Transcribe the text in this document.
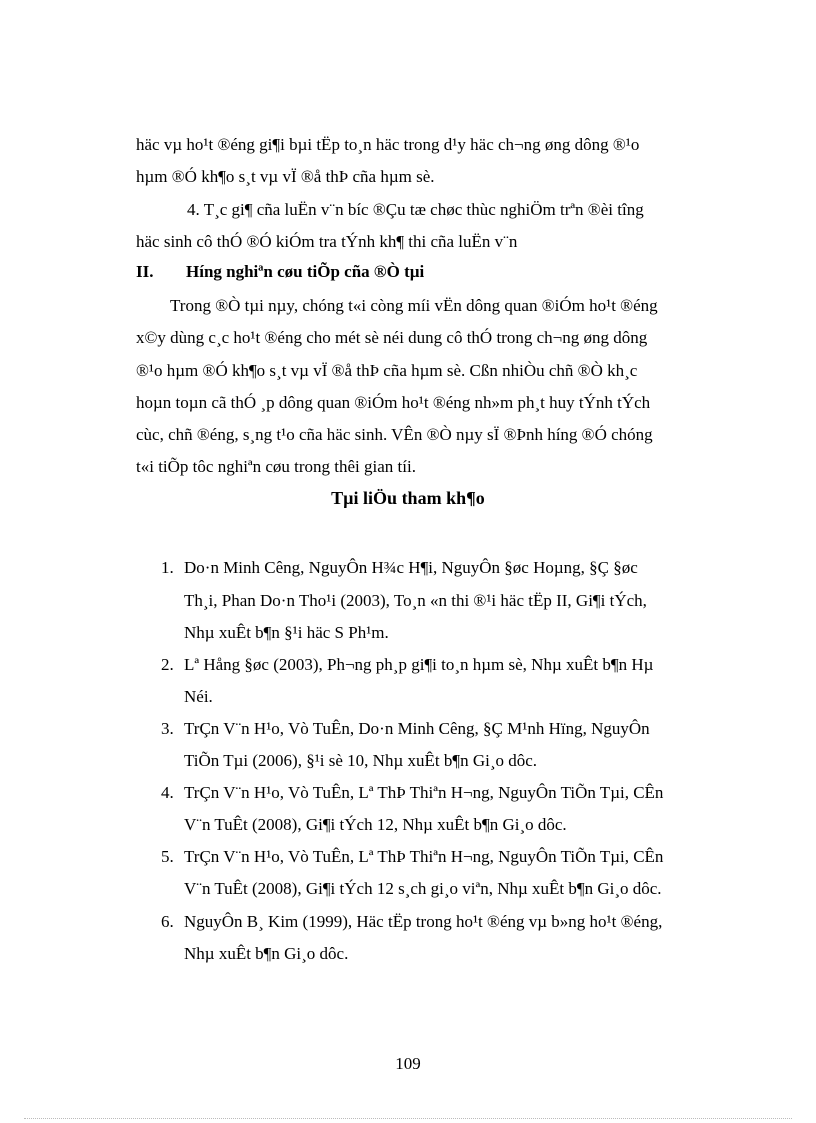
häc vµ ho¹t ®éng gi¶i bµi tËp to¸n häc trong d¹y häc ch¬ng øng dông ®¹o
hµm ®Ó kh¶o s¸t vµ vÏ ®å thÞ cña hµm sè.
4. T¸c gi¶ cña luËn v¨n bíc ®Çu tæ chøc thùc nghiÖm trªn ®èi tîng
häc sinh cô thÓ ®Ó kiÓm tra tÝnh kh¶ thi cña luËn v¨n
II. Híng nghiªn cøu tiÕp cña ®Ò tµi
Trong ®Ò tµi nµy, chóng t«i còng míi vËn dông quan ®iÓm ho¹t ®éng
x©y dùng c¸c ho¹t ®éng cho mét sè néi dung cô thÓ trong ch¬ng øng dông
®¹o hµm ®Ó kh¶o s¸t vµ vÏ ®å thÞ cña hµm sè. Cßn nhiÒu chñ ®Ò kh¸c
hoµn toµn cã thÓ ¸p dông quan ®iÓm ho¹t ®éng nh»m ph¸t huy tÝnh tÝch
cùc, chñ ®éng, s¸ng t¹o cña häc sinh. VÊn ®Ò nµy sÏ ®Þnh híng ®Ó chóng
t«i tiÕp tôc nghiªn cøu trong thêi gian tíi.
Tµi liÖu tham kh¶o
1. Do·n Minh Cêng, NguyÔn H¾c H¶i, NguyÔn §øc Hoµng, §Ç §øc
Th¸i, Phan Do·n Tho¹i (2003), To¸n «n thi ®¹i häc tËp II, Gi¶i tÝch,
Nhµ xuÊt b¶n §¹i häc S Ph¹m.
2. Lª Hång §øc (2003), Ph¬ng ph¸p gi¶i to¸n hµm sè, Nhµ xuÊt b¶n Hµ
Néi.
3. TrÇn V¨n H¹o, Vò TuÊn, Do·n Minh Cêng, §Ç M¹nh Hïng, NguyÔn
TiÕn Tµi (2006), §¹i sè 10, Nhµ xuÊt b¶n Gi¸o dôc.
4. TrÇn V¨n H¹o, Vò TuÊn, Lª ThÞ Thiªn H¬ng, NguyÔn TiÕn Tµi, CÊn
V¨n TuÊt (2008), Gi¶i tÝch 12, Nhµ xuÊt b¶n Gi¸o dôc.
5. TrÇn V¨n H¹o, Vò TuÊn, Lª ThÞ Thiªn H¬ng, NguyÔn TiÕn Tµi, CÊn
V¨n TuÊt (2008), Gi¶i tÝch 12 s¸ch gi¸o viªn, Nhµ xuÊt b¶n Gi¸o dôc.
6. NguyÔn B¸ Kim (1999), Häc tËp trong ho¹t ®éng vµ b»ng ho¹t ®éng,
Nhµ xuÊt b¶n Gi¸o dôc.
109
